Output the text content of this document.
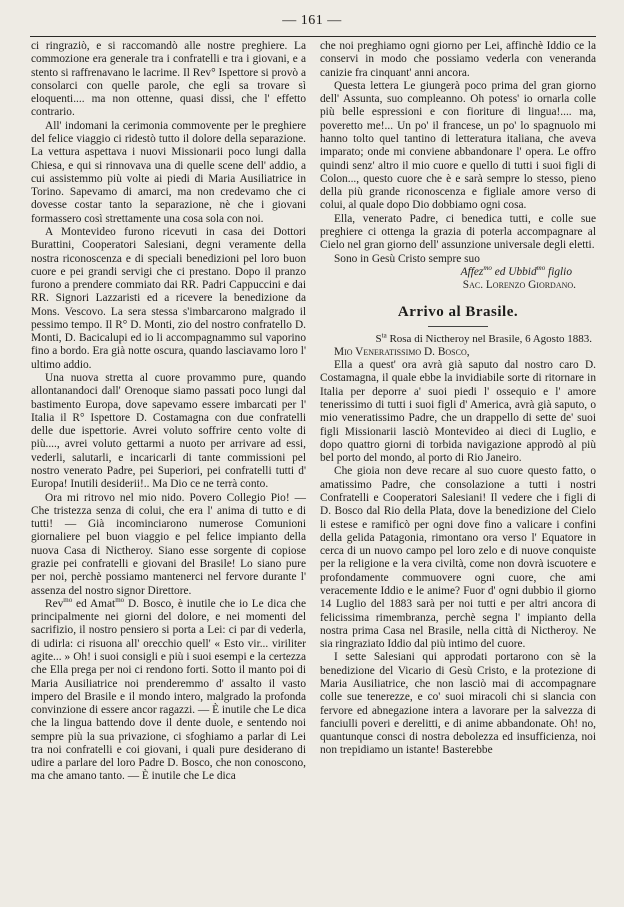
— 161 —

ci ringraziò, e si raccomandò alle nostre preghiere. La commozione era generale tra i confratelli e tra i giovani, e a stento si raffrenavano le lacrime. Il Rev° Ispettore si provò a consolarci con quelle parole, che egli sa trovare sì eloquenti.... ma non ottenne, quasi dissi, che l' effetto contrario.

All' indomani la cerimonia commovente per le preghiere del felice viaggio ci ridestò tutto il dolore della separazione. La vettura aspettava i nuovi Missionarii poco lungi dalla Chiesa, e qui si rinnovava una di quelle scene dell' addio, a cui assistemmo più volte ai piedi di Maria Ausiliatrice in Torino. Sapevamo di amarci, ma non credevamo che ci dovesse costar tanto la separazione, nè che i giovani formassero così strettamente una cosa sola con noi.

A Montevideo furono ricevuti in casa dei Dottori Burattini, Cooperatori Salesiani, degni veramente della nostra riconoscenza e di speciali benedizioni pel loro buon cuore e pei grandi servigi che ci prestano. Dopo il pranzo furono a prendere commiato dai RR. Padri Cappuccini e dai RR. Signori Lazzaristi ed a ricevere la benedizione da Mons. Vescovo. La sera stessa s'imbarcarono malgrado il pessimo tempo. Il R° D. Monti, zio del nostro confratello D. Monti, D. Bacicalupi ed io li accompagnammo sul vaporino fino a bordo. Era già notte oscura, quando lasciavamo loro l' ultimo addio.

Una nuova stretta al cuore provammo pure, quando allontanandoci dall' Orenoque siamo passati poco lungi dal bastimento Europa, dove sapevamo essere imbarcati per l' Italia il R° Ispettore D. Costamagna con due confratelli delle due ispettorie. Avrei voluto soffrire cento volte di più...., avrei voluto gettarmi a nuoto per arrivare ad essi, vederli, salutarli, e incaricarli di tante commissioni pel nostro venerato Padre, pei Superiori, pei confratelli tutti d' Europa! Inutili desiderii!.. Ma Dio ce ne terrà conto.

Ora mi ritrovo nel mio nido. Povero Collegio Pio! — Che tristezza senza di colui, che era l' anima di tutto e di tutti! — Già incominciarono numerose Comunioni giornaliere pel buon viaggio e pel felice impianto della nuova Casa di Nictheroy. Siano esse sorgente di copiose grazie pei confratelli e giovani del Brasile! Lo siano pure per noi, perchè possiamo mantenerci nel fervore durante l' assenza del nostro signor Direttore.

Rev$^{mo}$ ed Amat$^{mo}$ D. Bosco, è inutile che io Le dica che principalmente nei giorni del dolore, e nei momenti del sacrifizio, il nostro pensiero si porta a Lei: ci par di vederla, di udirla: ci risuona all' orecchio quell' « Esto vir... viriliter agite... » Oh! i suoi consigli e più i suoi esempi e la certezza che Ella prega per noi ci rendono forti. Sotto il manto poi di Maria Ausiliatrice noi prenderemmo d' assalto il vasto impero del Brasile e il mondo intero, malgrado la profonda convinzione di essere ancor ragazzi. — È inutile che Le dica che la lingua battendo dove il dente duole, e sentendo noi sempre più la sua privazione, ci sfoghiamo a parlar di Lei tra noi confratelli e coi giovani, i quali pure desiderano di udire a parlare del loro Padre D. Bosco, che non conoscono, ma che amano tanto. — È inutile che Le dica

che noi preghiamo ogni giorno per Lei, affinchè Iddio ce la conservi in modo che possiamo vederla con veneranda canizie fra cinquant' anni ancora.

Questa lettera Le giungerà poco prima del gran giorno dell' Assunta, suo compleanno. Oh potess' io ornarla colle più belle espressioni e con fioriture di lingua!.... ma, poveretto me!... Un po' il francese, un po' lo spagnuolo mi hanno tolto quel tantino di letteratura italiana, che aveva imparato; onde mi conviene abbandonare l' opera. Le offro quindi senz' altro il mio cuore e quello di tutti i suoi figli di Colon..., questo cuore che è e sarà sempre lo stesso, pieno della più grande riconoscenza e figliale amore verso di colui, al quale dopo Dio dobbiamo ogni cosa.

Ella, venerato Padre, ci benedica tutti, e colle sue preghiere ci ottenga la grazia di poterla accompagnare al Cielo nel gran giorno dell' assunzione universale degli eletti.

Sono in Gesù Cristo sempre suo

Affez$^{mo}$ ed Ubbid$^{mo}$ figlio

Sac. Lorenzo Giordano.

Arrivo al Brasile.

$S^{ta}$ Rosa di Nictheroy nel Brasile, 6 Agosto 1883.

Mio Veneratissimo D. Bosco,

Ella a quest' ora avrà già saputo dal nostro caro D. Costamagna, il quale ebbe la invidiabile sorte di ritornare in Italia per deporre a' suoi piedi l' ossequio e l' amore tenerissimo di tutti i suoi figli d' America, avrà già saputo, o mio veneratissimo Padre, che un drappello di sette de' suoi figli Missionarii lasciò Montevideo ai dieci di Luglio, e dopo quattro giorni di torbida navigazione approdò al più bel porto del mondo, al porto di Rio Janeiro.

Che gioia non deve recare al suo cuore questo fatto, o amatissimo Padre, che consolazione a tutti i nostri Confratelli e Cooperatori Salesiani! Il vedere che i figli di D. Bosco dal Rio della Plata, dove la benedizione del Cielo li estese e ramificò per ogni dove fino a valicare i confini della gelida Patagonia, rimontano ora verso l' Equatore in cerca di un nuovo campo pel loro zelo e di nuove conquiste per la religione e la vera civiltà, come non dovrà iscuotere e profondamente commuovere ogni cuore, che ami veracemente Iddio e le anime? Fuor d' ogni dubbio il giorno 14 Luglio del 1883 sarà per noi tutti e per altri ancora di felicissima rimembranza, perchè segna l' impianto della nostra prima Casa nel Brasile, nella città di Nictheroy. Ne sia ringraziato Iddio dal più intimo del cuore.

I sette Salesiani qui approdati portarono con sè la benedizione del Vicario di Gesù Cristo, e la protezione di Maria Ausiliatrice, che non lasciò mai di accompagnare colle sue tenerezze, e co' suoi miracoli chi si slancia con fervore ed abnegazione intera a lavorare per la salvezza di fanciulli poveri e derelitti, e di anime abbandonate. Oh! no, quantunque consci di nostra debolezza ed insufficienza, noi non trepidiamo un istante! Basterebbe
